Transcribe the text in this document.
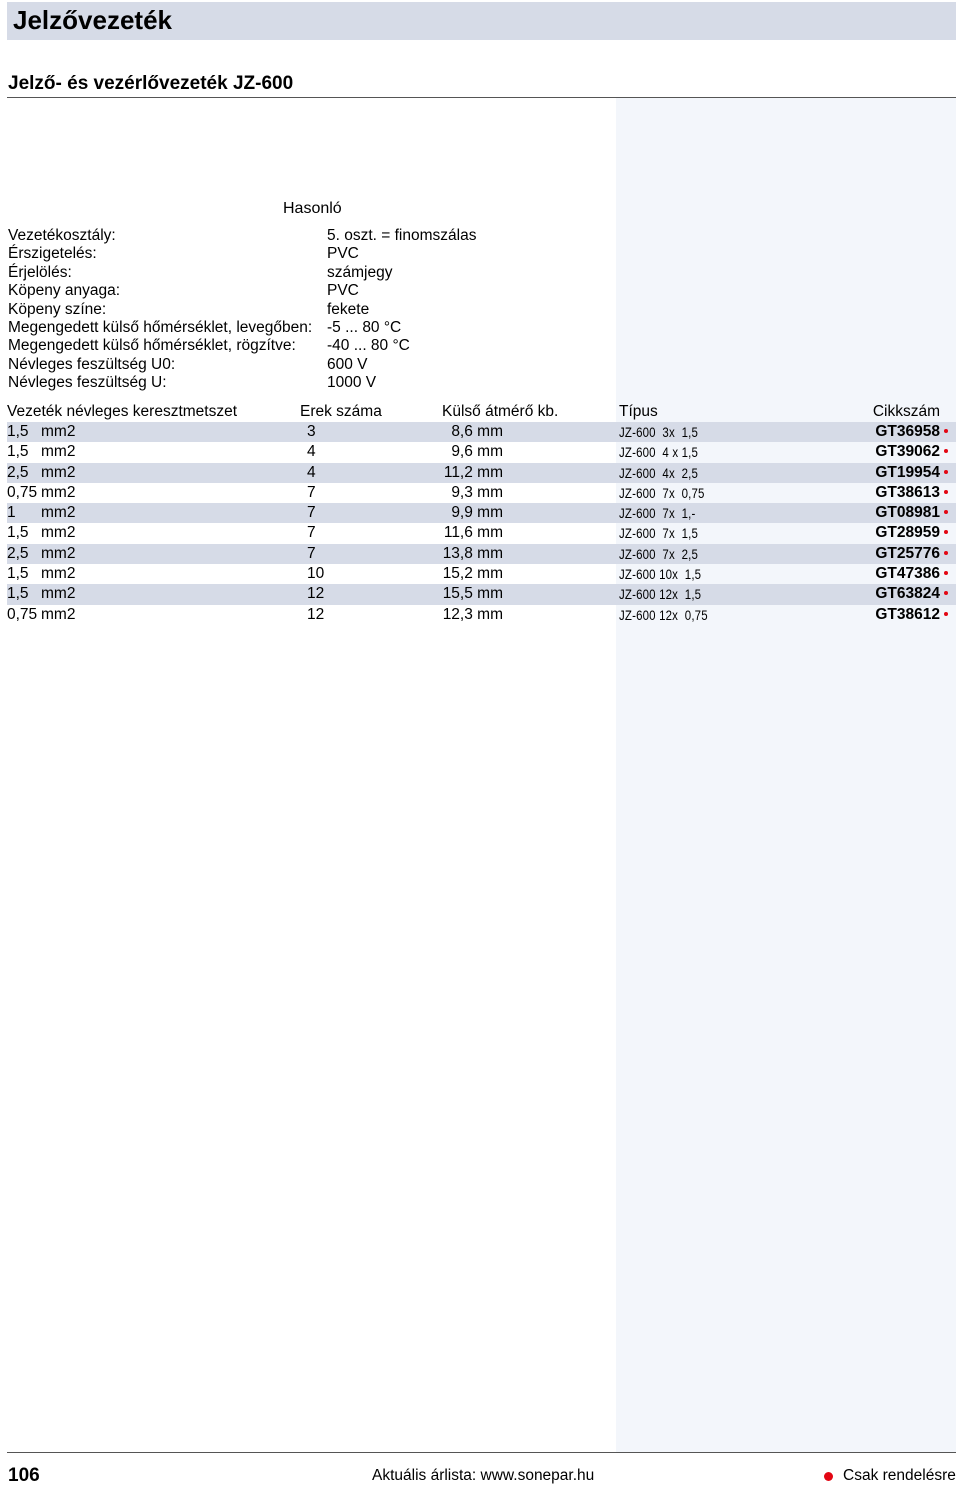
Jelzővezeték
Jelző- és vezérlővezeték JZ-600
Hasonló
Vezetékosztály:	5. oszt. = finomszálas
Érszigetelés:	PVC
Érjelölés:	számjegy
Köpeny anyaga:	PVC
Köpeny színe:	fekete
Megengedett külső hőmérséklet, levegőben: -5 ... 80 °C
Megengedett külső hőmérséklet, rögzítve: -40 ... 80 °C
Névleges feszültség U0:	600 V
Névleges feszültség U:	1000 V
Vezeték névleges keresztmetszet	Erek száma	Külső átmérő kb.	Típus	Cikkszám
1,5 mm2	3	8,6 mm	JZ-600  3x  1,5	GT36958
1,5 mm2	4	9,6 mm	JZ-600  4 x 1,5	GT39062
2,5 mm2	4	11,2 mm	JZ-600  4x  2,5	GT19954
0,75 mm2	7	9,3 mm	JZ-600  7x  0,75	GT38613
1 mm2	7	9,9 mm	JZ-600  7x  1,-	GT08981
1,5 mm2	7	11,6 mm	JZ-600  7x  1,5	GT28959
2,5 mm2	7	13,8 mm	JZ-600  7x  2,5	GT25776
1,5 mm2	10	15,2 mm	JZ-600 10x  1,5	GT47386
1,5 mm2	12	15,5 mm	JZ-600 12x  1,5	GT63824
0,75 mm2	12	12,3 mm	JZ-600 12x  0,75	GT38612
106	Aktuális árlista: www.sonepar.hu	Csak rendelésre
